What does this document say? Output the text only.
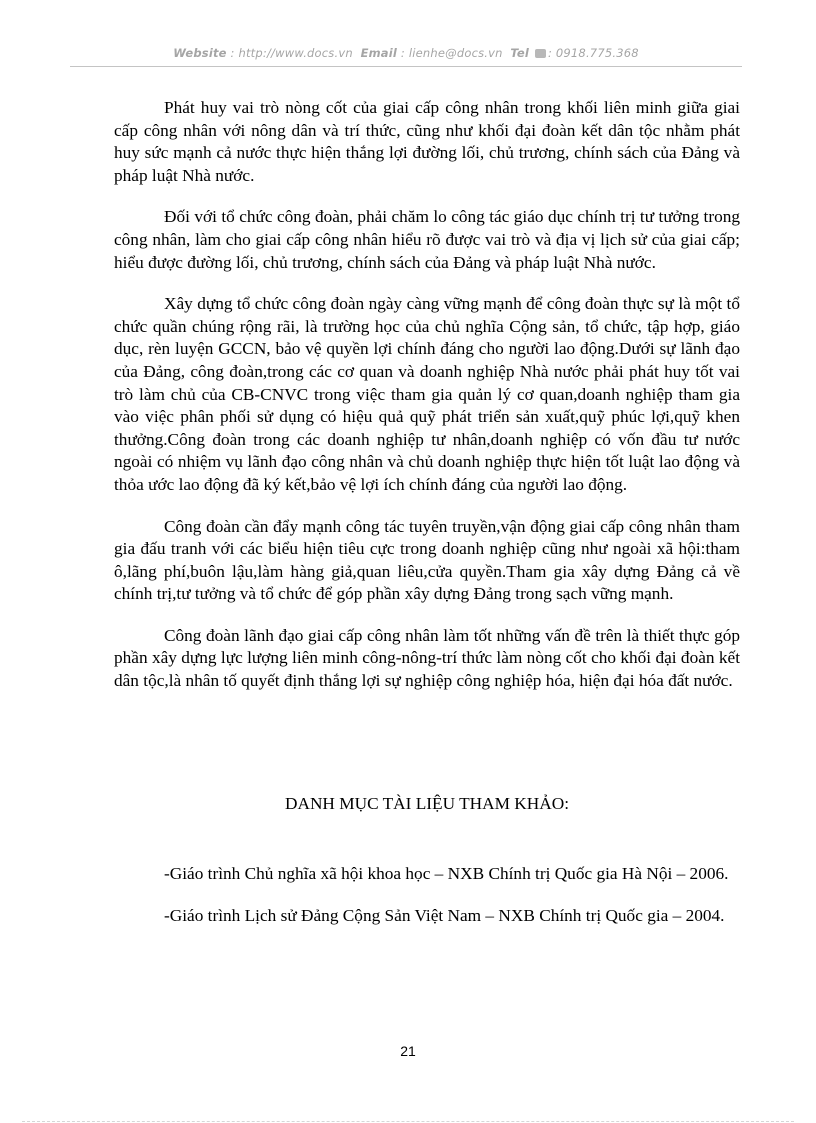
Website : http://www.docs.vn Email : lienhe@docs.vn Tel : 0918.775.368

Phát huy vai trò nòng cốt của giai cấp công nhân trong khối liên minh giữa giai cấp công nhân với nông dân và trí thức, cũng như khối đại đoàn kết dân tộc nhằm phát huy sức mạnh cả nước thực hiện thắng lợi đường lối, chủ trương, chính sách của Đảng và pháp luật Nhà nước.

Đối với tổ chức công đoàn, phải chăm lo công tác giáo dục chính trị tư tưởng trong công nhân, làm cho giai cấp công nhân hiểu rõ được vai trò và địa vị lịch sử của giai cấp; hiểu được đường lối, chủ trương, chính sách của Đảng và pháp luật Nhà nước.

Xây dựng tổ chức công đoàn ngày càng vững mạnh để công đoàn thực sự là một tổ chức quần chúng rộng rãi, là trường học của chủ nghĩa Cộng sản, tổ chức, tập hợp, giáo dục, rèn luyện GCCN, bảo vệ quyền lợi chính đáng cho người lao động.Dưới sự lãnh đạo của Đảng, công đoàn,trong các cơ quan và doanh nghiệp Nhà nước phải phát huy tốt vai trò làm chủ của CB-CNVC trong việc tham gia quản lý cơ quan,doanh nghiệp tham gia vào việc phân phối sử dụng có hiệu quả quỹ phát triển sản xuất,quỹ phúc lợi,quỹ khen thưởng.Công đoàn trong các doanh nghiệp tư nhân,doanh nghiệp có vốn đầu tư nước ngoài có nhiệm vụ lãnh đạo công nhân và chủ doanh nghiệp thực hiện tốt luật lao động và thỏa ước lao động đã ký kết,bảo vệ lợi ích chính đáng của người lao động.

Công đoàn cần đẩy mạnh công tác tuyên truyền,vận động giai cấp công nhân tham gia đấu tranh với các biểu hiện tiêu cực trong doanh nghiệp cũng như ngoài xã hội:tham ô,lãng phí,buôn lậu,làm hàng giả,quan liêu,cửa quyền.Tham gia xây dựng Đảng cả về chính trị,tư tưởng và tổ chức để góp phần xây dựng Đảng trong sạch vững mạnh.

Công đoàn lãnh đạo giai cấp công nhân làm tốt những vấn đề trên là thiết thực góp phần xây dựng lực lượng liên minh công-nông-trí thức làm nòng cốt cho khối đại đoàn kết dân tộc,là nhân tố quyết định thắng lợi sự nghiệp công nghiệp hóa, hiện đại hóa đất nước.

DANH MỤC TÀI LIỆU THAM KHẢO:

-Giáo trình Chủ nghĩa xã hội khoa học – NXB Chính trị Quốc gia Hà Nội – 2006.

-Giáo trình Lịch sử Đảng Cộng Sản Việt Nam – NXB Chính trị Quốc gia – 2004.

21
